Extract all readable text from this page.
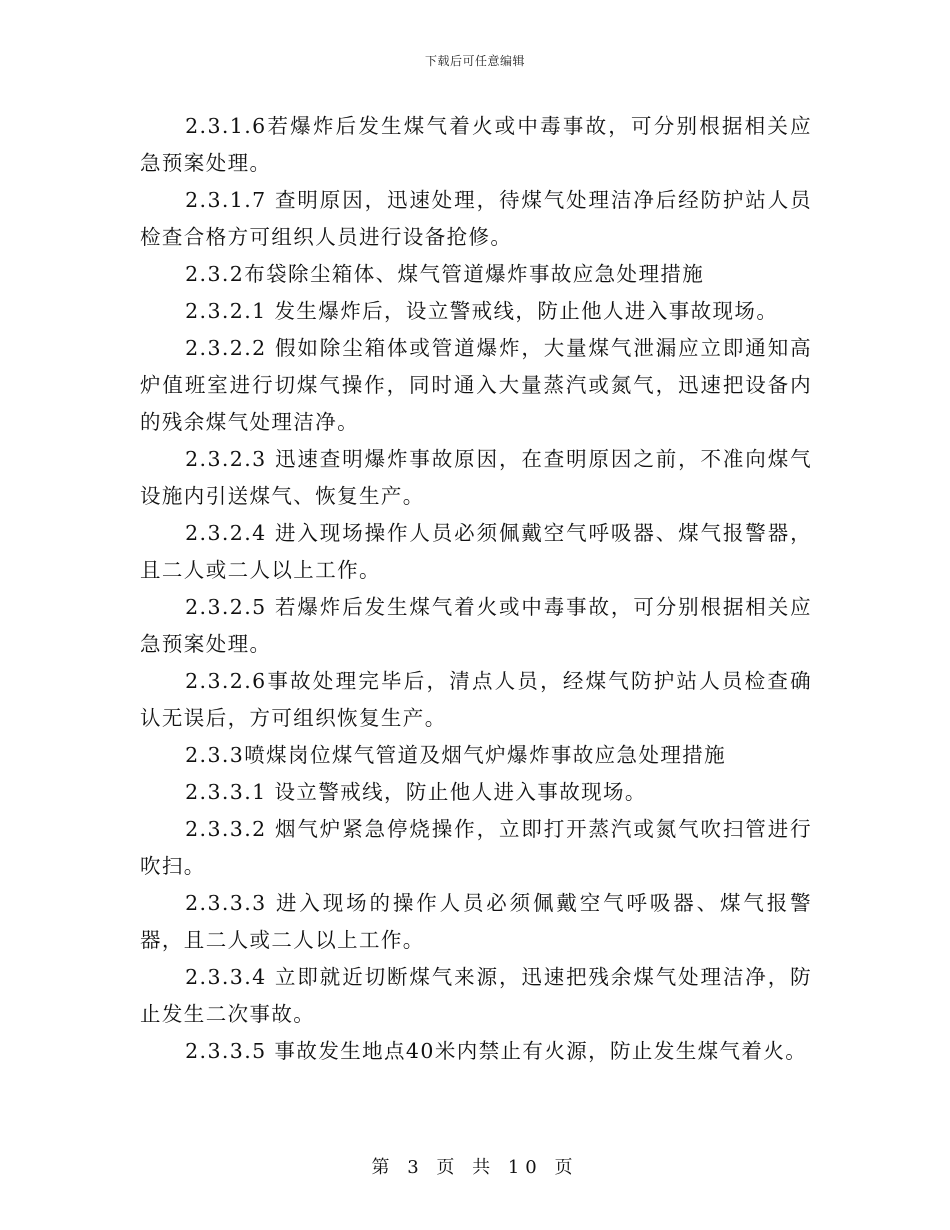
下载后可任意编辑

2.3.1.6若爆炸后发生煤气着火或中毒事故，可分别根据相关应急预案处理。

2.3.1.7 查明原因，迅速处理，待煤气处理洁净后经防护站人员检查合格方可组织人员进行设备抢修。

2.3.2布袋除尘箱体、煤气管道爆炸事故应急处理措施

2.3.2.1 发生爆炸后，设立警戒线，防止他人进入事故现场。

2.3.2.2 假如除尘箱体或管道爆炸，大量煤气泄漏应立即通知高炉值班室进行切煤气操作，同时通入大量蒸汽或氮气，迅速把设备内的残余煤气处理洁净。

2.3.2.3 迅速查明爆炸事故原因，在查明原因之前，不准向煤气设施内引送煤气、恢复生产。

2.3.2.4 进入现场操作人员必须佩戴空气呼吸器、煤气报警器，且二人或二人以上工作。

2.3.2.5 若爆炸后发生煤气着火或中毒事故，可分别根据相关应急预案处理。

2.3.2.6事故处理完毕后，清点人员，经煤气防护站人员检查确认无误后，方可组织恢复生产。

2.3.3喷煤岗位煤气管道及烟气炉爆炸事故应急处理措施

2.3.3.1 设立警戒线，防止他人进入事故现场。

2.3.3.2 烟气炉紧急停烧操作，立即打开蒸汽或氮气吹扫管进行吹扫。

2.3.3.3 进入现场的操作人员必须佩戴空气呼吸器、煤气报警器，且二人或二人以上工作。

2.3.3.4 立即就近切断煤气来源，迅速把残余煤气处理洁净，防止发生二次事故。

2.3.3.5 事故发生地点40米内禁止有火源，防止发生煤气着火。

第 3 页 共 10 页
